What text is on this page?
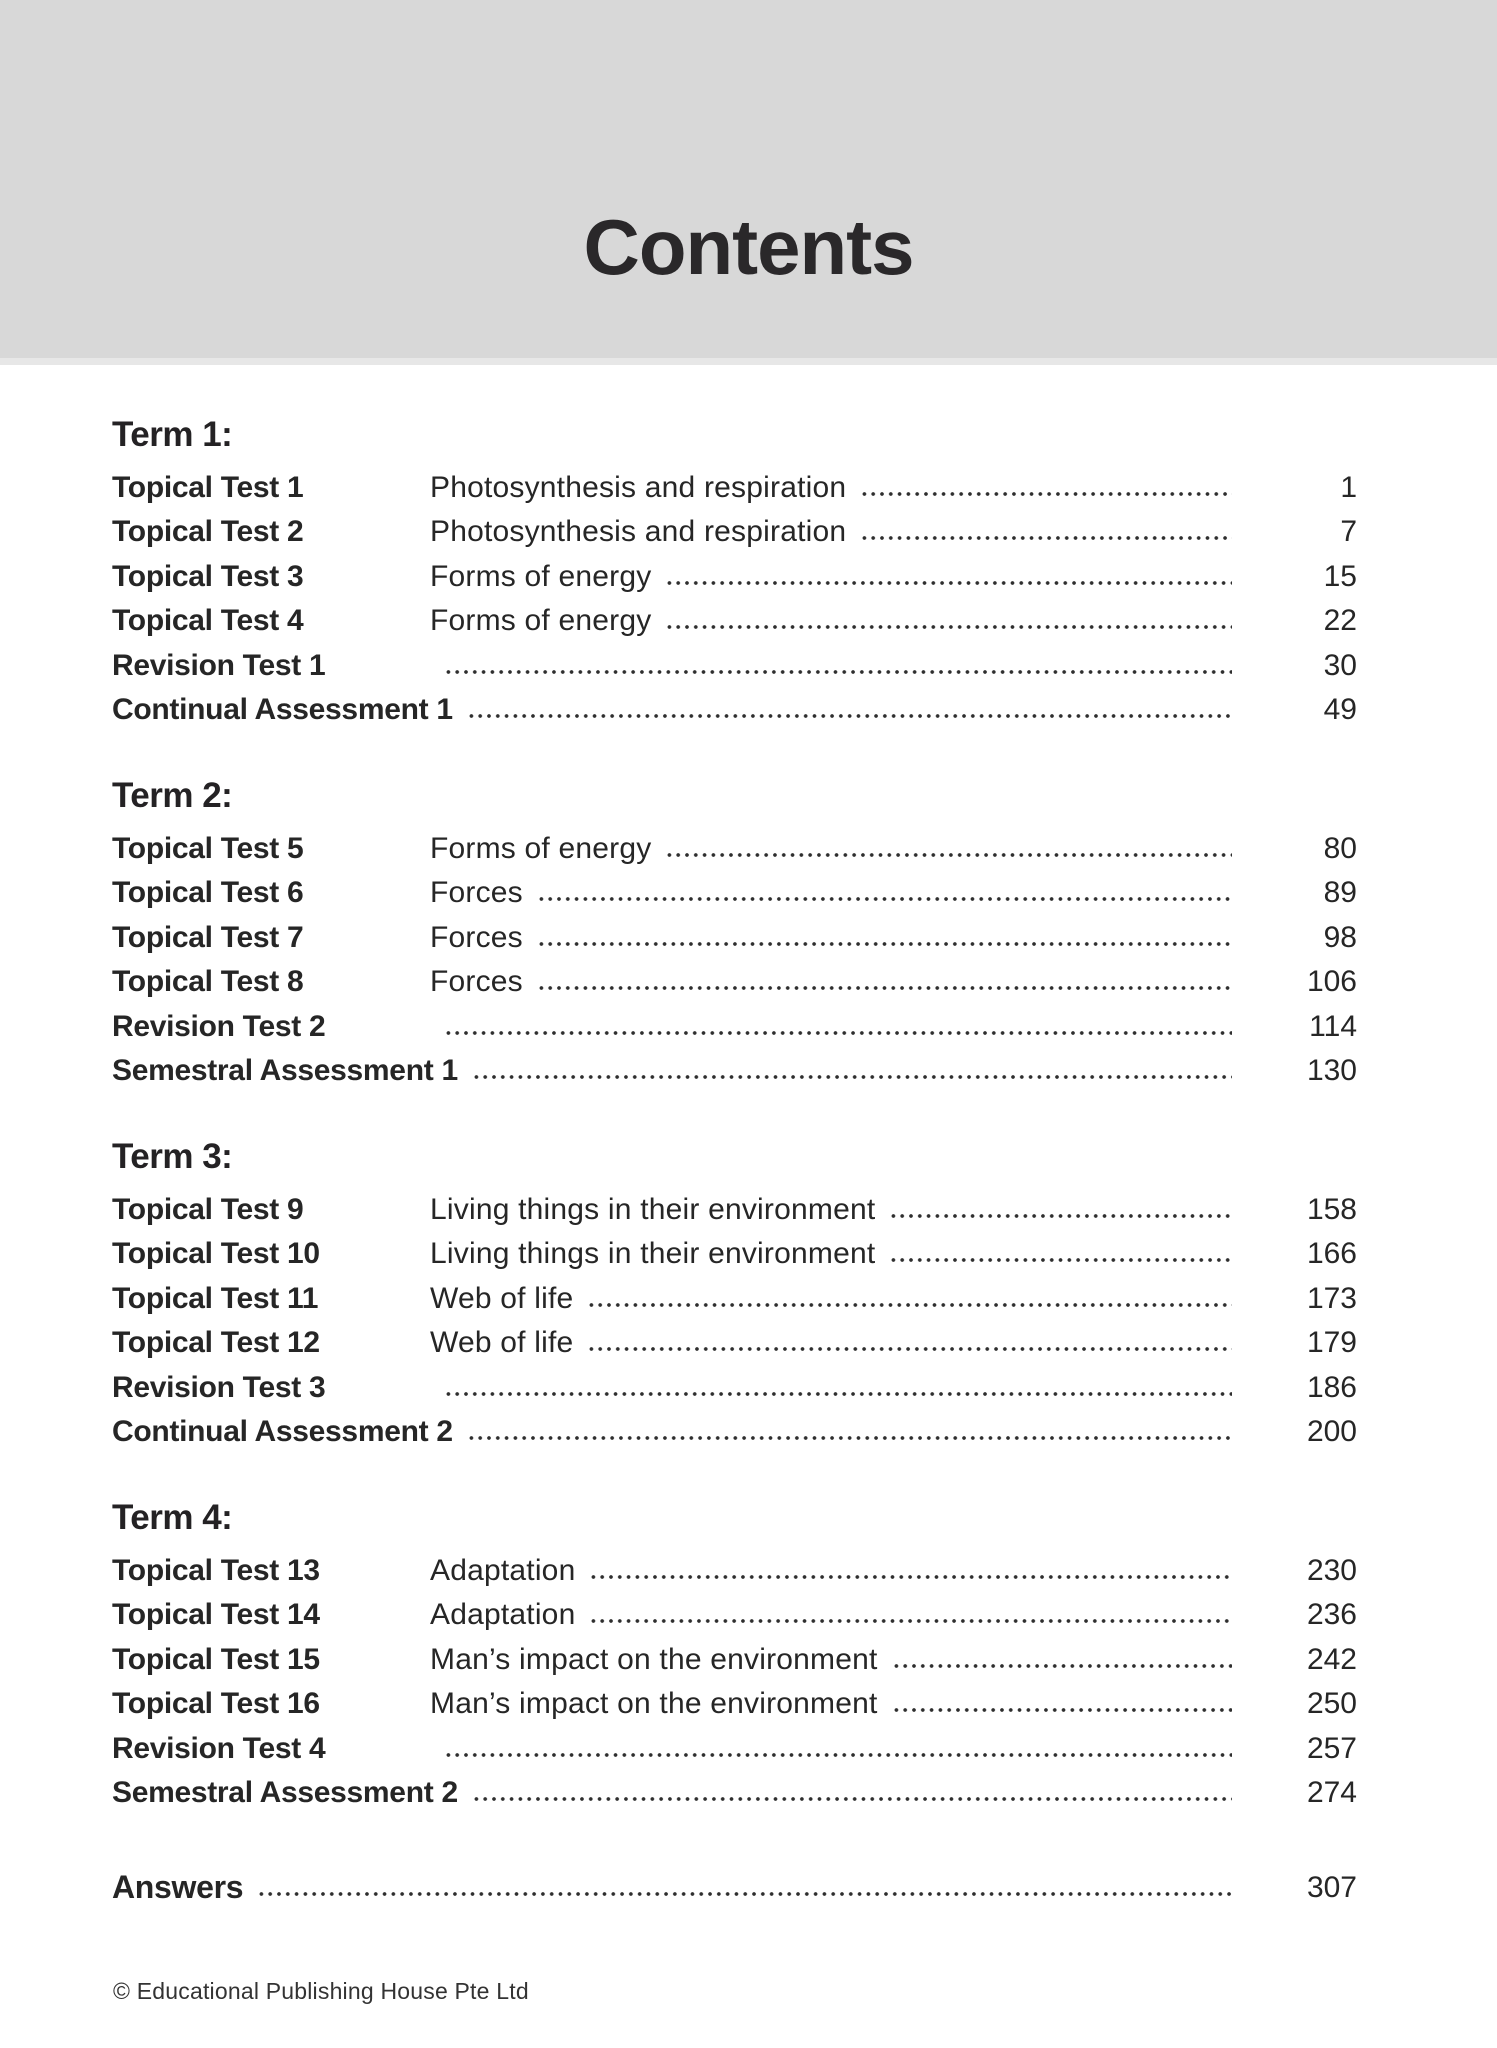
Contents
Term 1:
Topical Test 1	Photosynthesis and respiration	1
Topical Test 2	Photosynthesis and respiration	7
Topical Test 3	Forms of energy	15
Topical Test 4	Forms of energy	22
Revision Test 1	30
Continual Assessment 1	49
Term 2:
Topical Test 5	Forms of energy	80
Topical Test 6	Forces	89
Topical Test 7	Forces	98
Topical Test 8	Forces	106
Revision Test 2	114
Semestral Assessment 1	130
Term 3:
Topical Test 9	Living things in their environment	158
Topical Test 10	Living things in their environment	166
Topical Test 11	Web of life	173
Topical Test 12	Web of life	179
Revision Test 3	186
Continual Assessment 2	200
Term 4:
Topical Test 13	Adaptation	230
Topical Test 14	Adaptation	236
Topical Test 15	Man’s impact on the environment	242
Topical Test 16	Man’s impact on the environment	250
Revision Test 4	257
Semestral Assessment 2	274
Answers	307
© Educational Publishing House Pte Ltd
